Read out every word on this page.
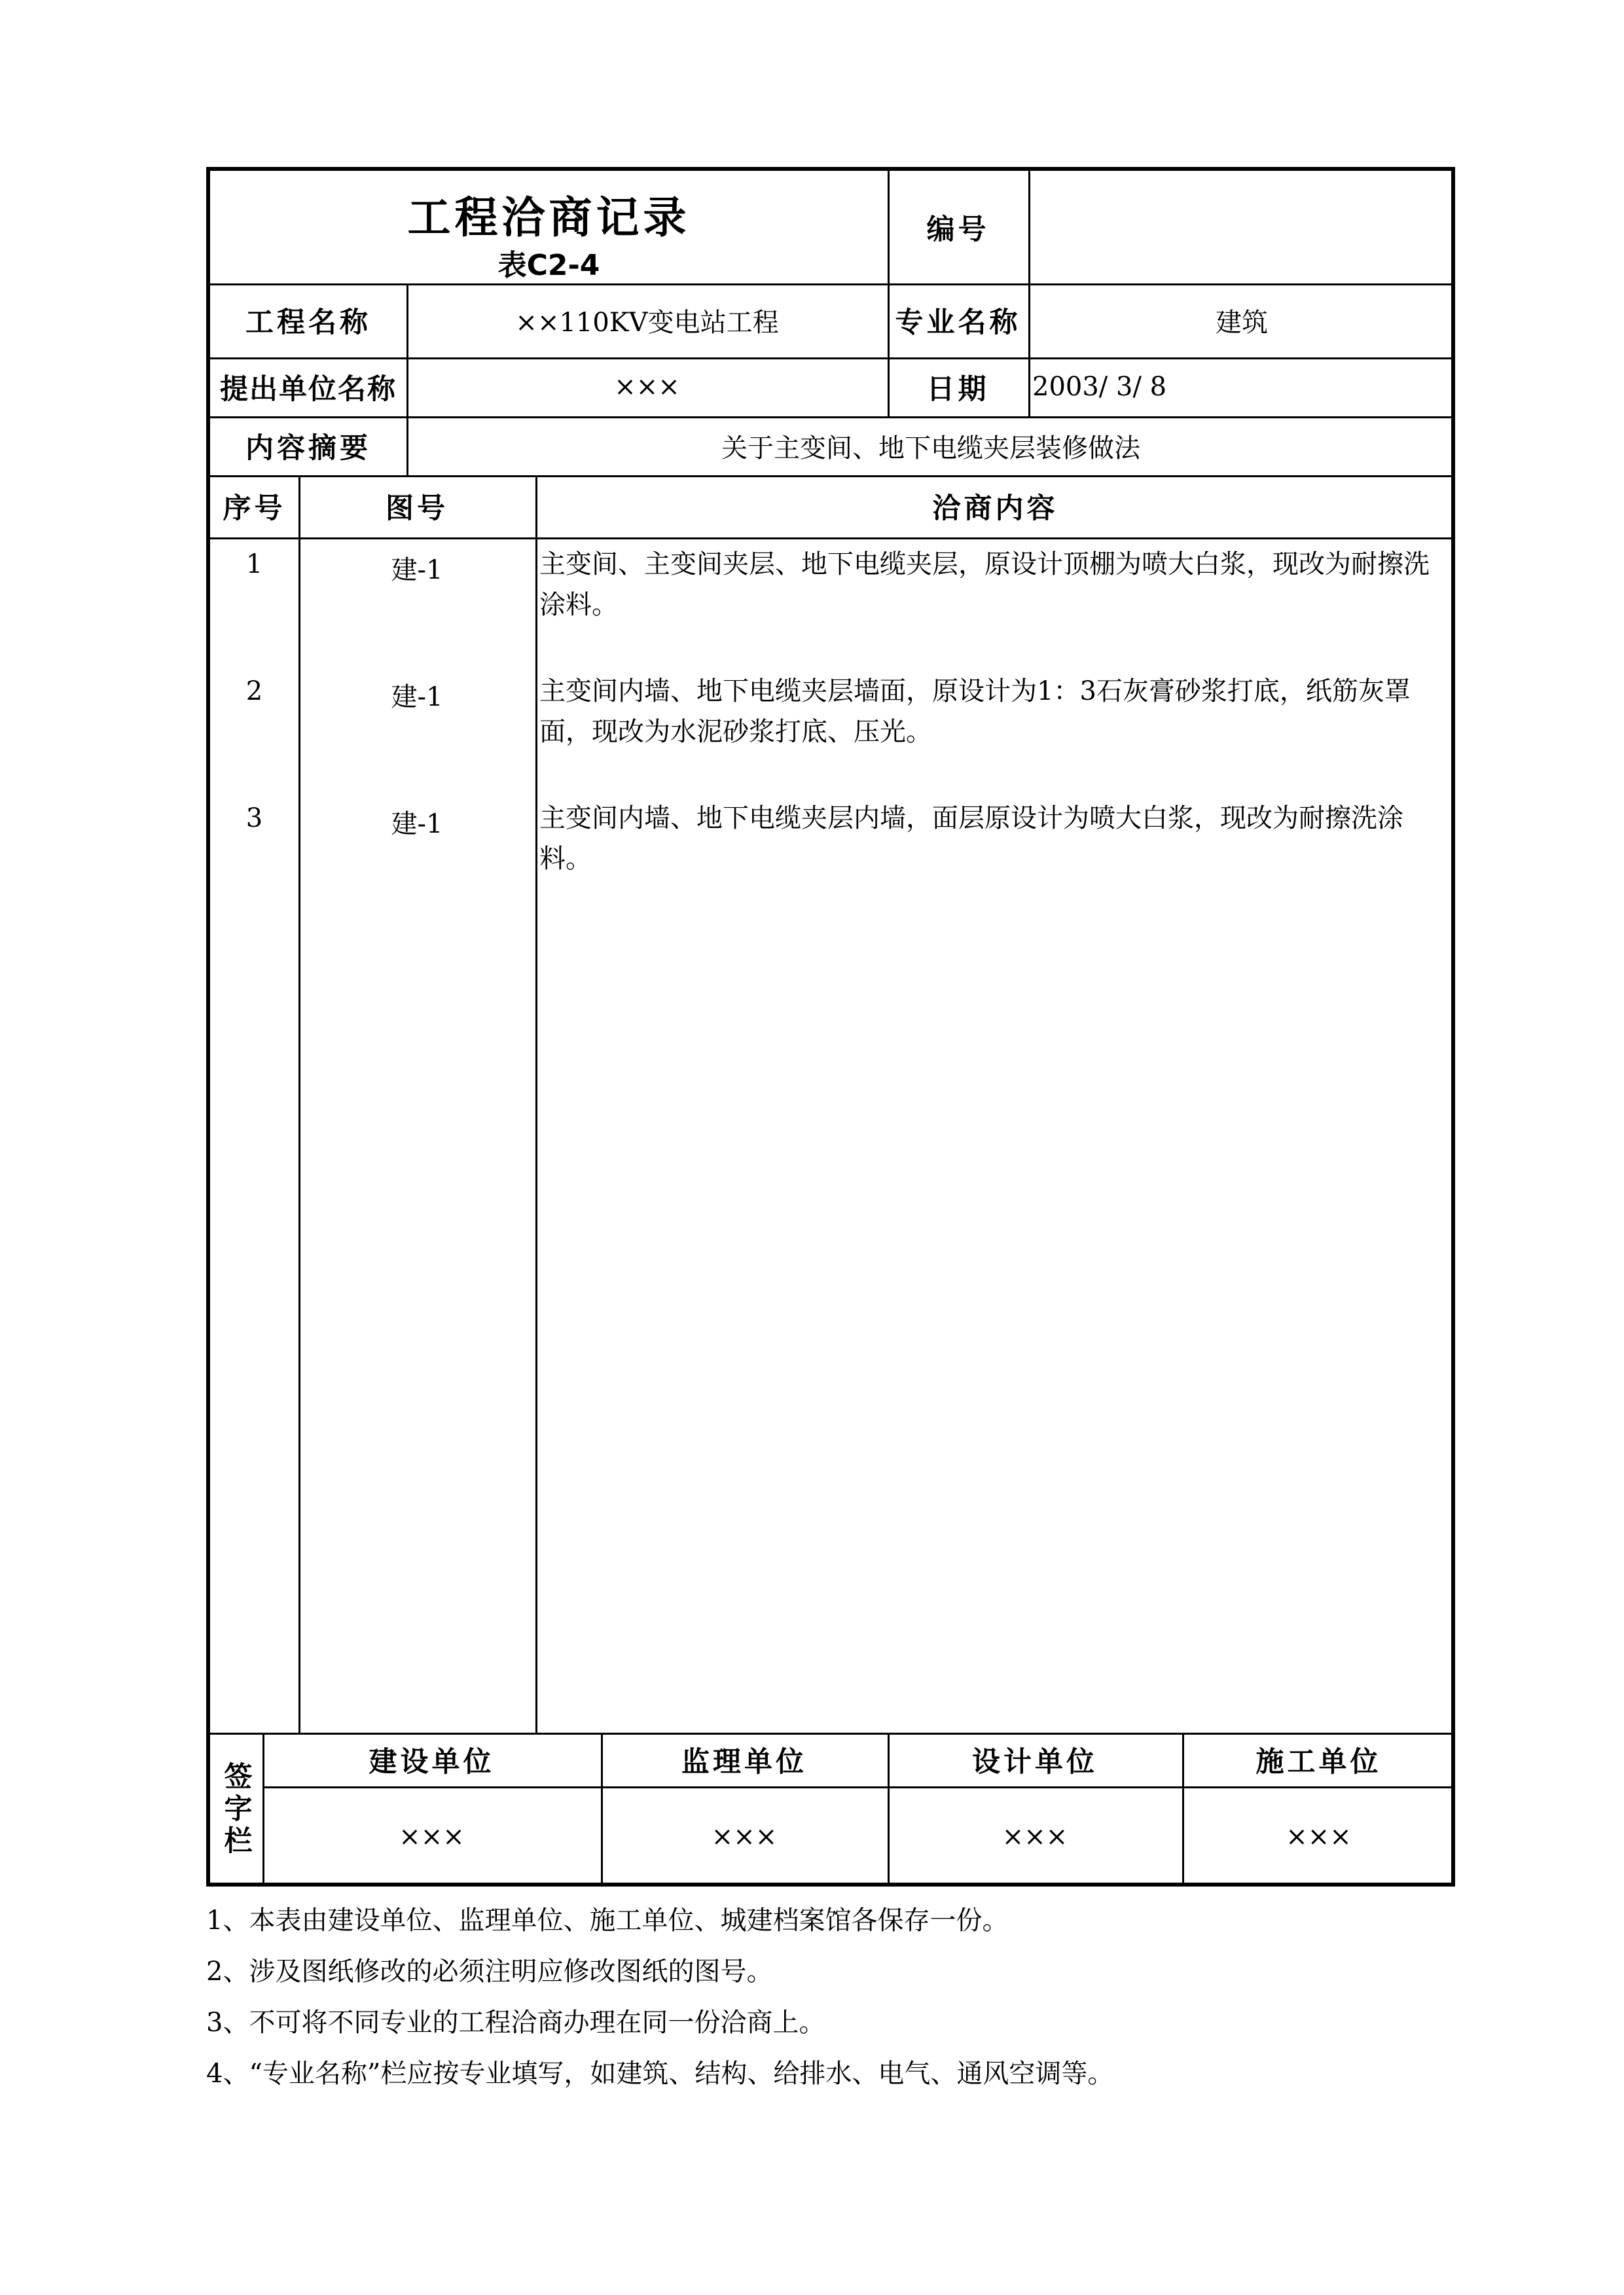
工程洽商记录
表C2-4
编号
工程名称	××110KV变电站工程	专业名称	建筑
提出单位名称	×××	日期	2003/ 3/ 8
内容摘要	关于主变间、地下电缆夹层装修做法
序号	图号	洽商内容
1	建-1	主变间、主变间夹层、地下电缆夹层，原设计顶棚为喷大白浆，现改为耐擦洗涂料。
2	建-1	主变间内墙、地下电缆夹层墙面，原设计为1：3石灰膏砂浆打底，纸筋灰罩面，现改为水泥砂浆打底、压光。
3	建-1	主变间内墙、地下电缆夹层内墙，面层原设计为喷大白浆，现改为耐擦洗涂料。
签字栏	建设单位	监理单位	设计单位	施工单位
×××	×××	×××	×××

1、本表由建设单位、监理单位、施工单位、城建档案馆各保存一份。

2、涉及图纸修改的必须注明应修改图纸的图号。

3、不可将不同专业的工程洽商办理在同一份洽商上。

4、“专业名称”栏应按专业填写，如建筑、结构、给排水、电气、通风空调等。
